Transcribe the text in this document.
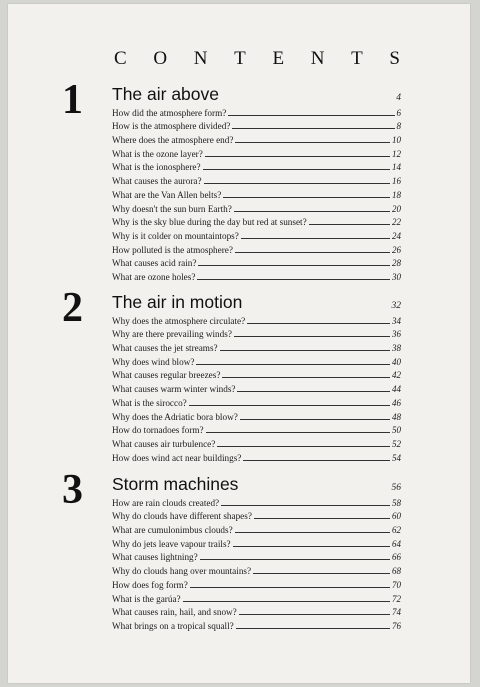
C O N T E N T S
1 The air above	4
How did the atmosphere form?	6
How is the atmosphere divided?	8
Where does the atmosphere end?	10
What is the ozone layer?	12
What is the ionosphere?	14
What causes the aurora?	16
What are the Van Allen belts?	18
Why doesn't the sun burn Earth?	20
Why is the sky blue during the day but red at sunset?	22
Why is it colder on mountaintops?	24
How polluted is the atmosphere?	26
What causes acid rain?	28
What are ozone holes?	30
2 The air in motion	32
Why does the atmosphere circulate?	34
Why are there prevailing winds?	36
What causes the jet streams?	38
Why does wind blow?	40
What causes regular breezes?	42
What causes warm winter winds?	44
What is the sirocco?	46
Why does the Adriatic bora blow?	48
How do tornadoes form?	50
What causes air turbulence?	52
How does wind act near buildings?	54
3 Storm machines	56
How are rain clouds created?	58
Why do clouds have different shapes?	60
What are cumulonimbus clouds?	62
Why do jets leave vapour trails?	64
What causes lightning?	66
Why do clouds hang over mountains?	68
How does fog form?	70
What is the garúa?	72
What causes rain, hail, and snow?	74
What brings on a tropical squall?	76
